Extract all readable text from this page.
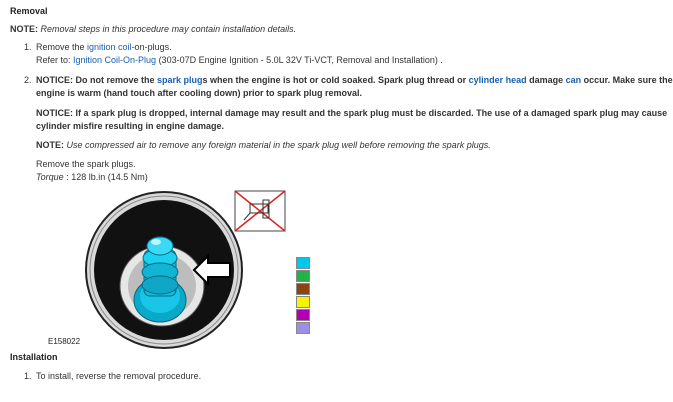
Removal
NOTE: Removal steps in this procedure may contain installation details.
1. Remove the ignition coil-on-plugs.
Refer to: Ignition Coil-On-Plug (303-07D Engine Ignition - 5.0L 32V Ti-VCT, Removal and Installation) .
2. NOTICE: Do not remove the spark plugs when the engine is hot or cold soaked. Spark plug thread or cylinder head damage can occur. Make sure the
engine is warm (hand touch after cooling down) prior to spark plug removal.
NOTICE: If a spark plug is dropped, internal damage may result and the spark plug must be discarded. The use of a damaged spark plug may cause
cylinder misfire resulting in engine damage.
NOTE: Use compressed air to remove any foreign material in the spark plug well before removing the spark plugs.
Remove the spark plugs.
Torque : 128 lb.in (14.5 Nm)
x8
E158022
Installation
1. To install, reverse the removal procedure.
